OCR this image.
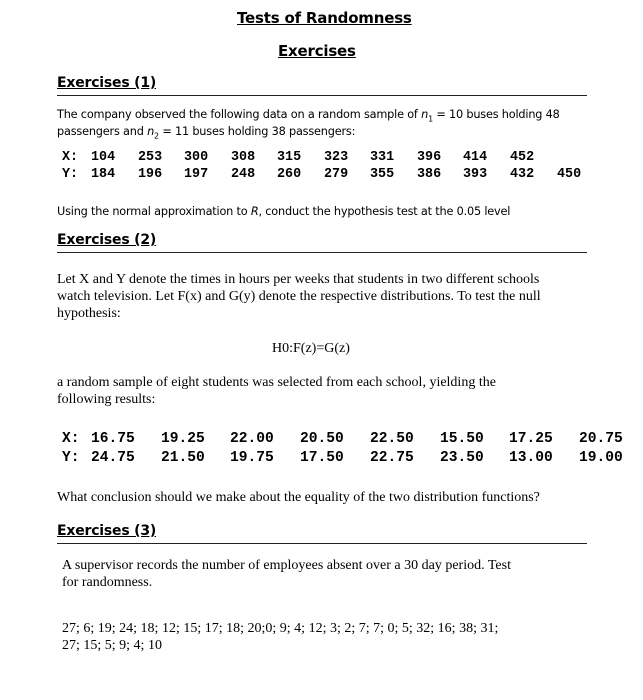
Tests of Randomness
Exercises
Exercises (1)
The company observed the following data on a random sample of $n_1 = 10$ buses holding 48
passengers and $n_2 = 11$ buses holding 38 passengers:
X: 104 253 300 308 315 323 331 396 414 452
Y: 184 196 197 248 260 279 355 386 393 432 450
Using the normal approximation to R, conduct the hypothesis test at the 0.05 level
Exercises (2)
Let X and Y denote the times in hours per weeks that students in two different schools
watch television. Let F(x) and G(y) denote the respective distributions. To test the null
hypothesis:
H0:F(z)=G(z)
a random sample of eight students was selected from each school, yielding the
following results:
X: 16.75 19.25 22.00 20.50 22.50 15.50 17.25 20.75
Y: 24.75 21.50 19.75 17.50 22.75 23.50 13.00 19.00
What conclusion should we make about the equality of the two distribution functions?
Exercises (3)
A supervisor records the number of employees absent over a 30 day period. Test
for randomness.
27; 6; 19; 24; 18; 12; 15; 17; 18; 20;0; 9; 4; 12; 3; 2; 7; 7; 0; 5; 32; 16; 38; 31;
27; 15; 5; 9; 4; 10
